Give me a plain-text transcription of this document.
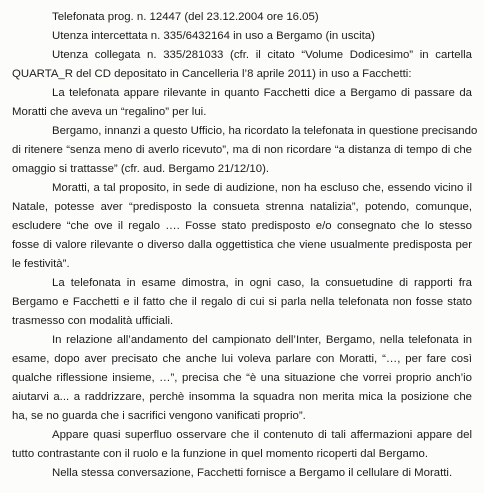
Telefonata prog. n. 12447 (del 23.12.2004 ore 16.05)
Utenza intercettata n. 335/6432164 in uso a Bergamo (in uscita)
Utenza collegata n. 335/281033 (cfr. il citato “Volume Dodicesimo” in cartella
QUARTA_R del CD depositato in Cancelleria l’8 aprile 2011) in uso a Facchetti:
La telefonata appare rilevante in quanto Facchetti dice a Bergamo di passare da
Moratti che aveva un “regalino” per lui.
Bergamo, innanzi a questo Ufficio, ha ricordato la telefonata in questione precisando
di ritenere “senza meno di averlo ricevuto”, ma di non ricordare “a distanza di tempo di che
omaggio si trattasse” (cfr. aud. Bergamo 21/12/10).
Moratti, a tal proposito, in sede di audizione, non ha escluso che, essendo vicino il
Natale, potesse aver “predisposto la consueta strenna natalizia”, potendo, comunque,
escludere “che ove il regalo …. Fosse stato predisposto e/o consegnato che lo stesso
fosse di valore rilevante o diverso dalla oggettistica che viene usualmente predisposta per
le festività”.
La telefonata in esame dimostra, in ogni caso, la consuetudine di rapporti fra
Bergamo e Facchetti e il fatto che il regalo di cui si parla nella telefonata non fosse stato
trasmesso con modalità ufficiali.
In relazione all’andamento del campionato dell’Inter, Bergamo, nella telefonata in
esame, dopo aver precisato che anche lui voleva parlare con Moratti, “…, per fare così
qualche riflessione insieme, …”, precisa che “è una situazione che vorrei proprio anch’io
aiutarvi a... a raddrizzare, perchè insomma la squadra non merita mica la posizione che
ha, se no guarda che i sacrifici vengono vanificati proprio”.
Appare quasi superfluo osservare che il contenuto di tali affermazioni appare del
tutto contrastante con il ruolo e la funzione in quel momento ricoperti dal Bergamo.
Nella stessa conversazione, Facchetti fornisce a Bergamo il cellulare di Moratti.
